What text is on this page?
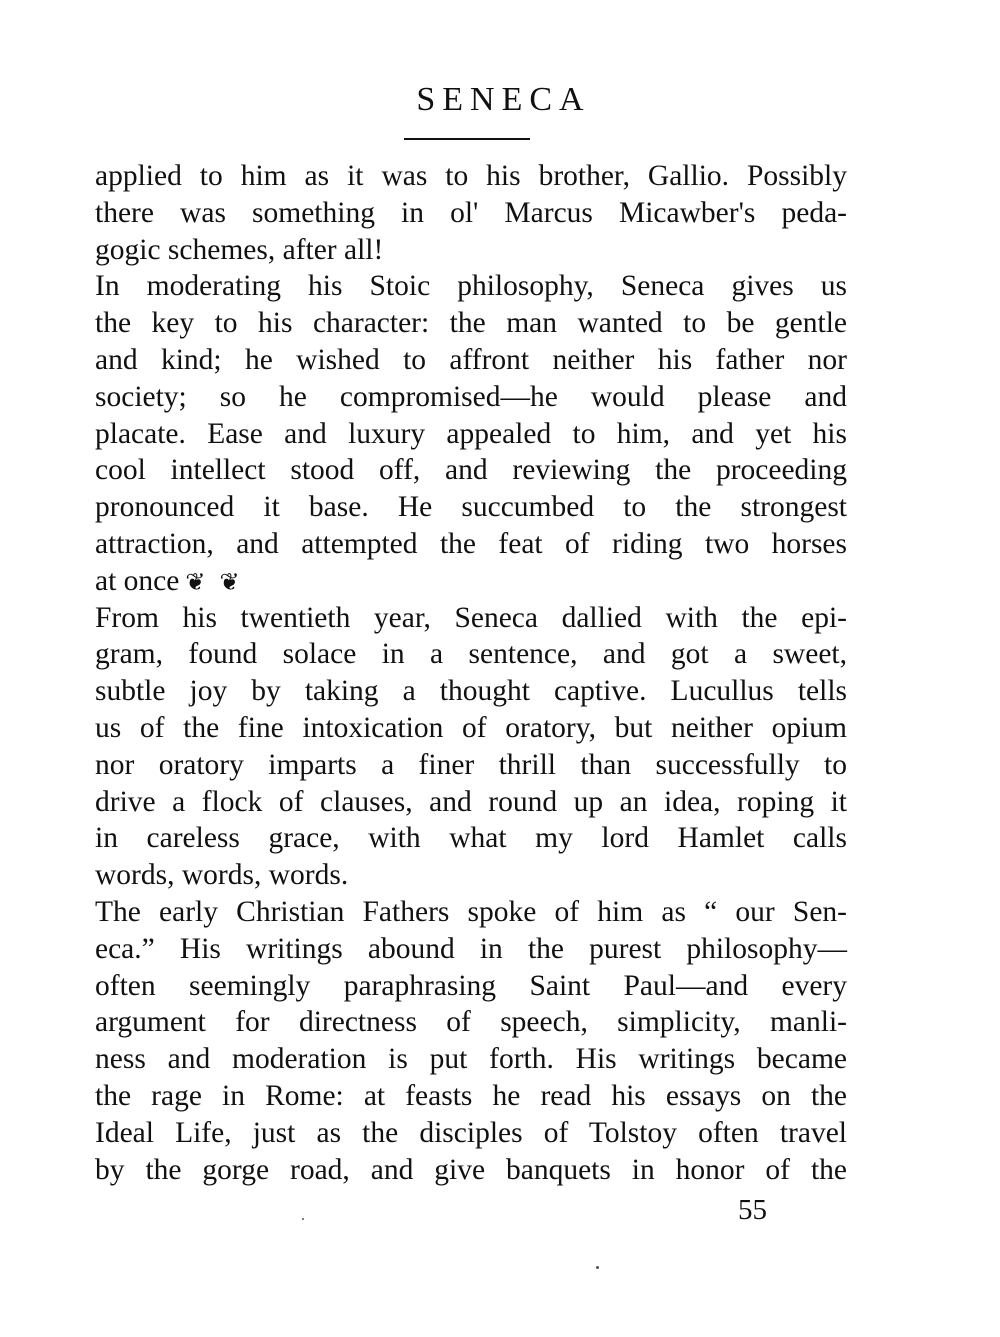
SENECA
applied to him as it was to his brother, Gallio. Possibly
there was something in ol' Marcus Micawber's peda-
gogic schemes, after all!
In moderating his Stoic philosophy, Seneca gives us
the key to his character: the man wanted to be gentle
and kind; he wished to affront neither his father nor
society; so he compromised—he would please and
placate. Ease and luxury appealed to him, and yet his
cool intellect stood off, and reviewing the proceeding
pronounced it base. He succumbed to the strongest
attraction, and attempted the feat of riding two horses
at once ❦ ❦
From his twentieth year, Seneca dallied with the epi-
gram, found solace in a sentence, and got a sweet,
subtle joy by taking a thought captive. Lucullus tells
us of the fine intoxication of oratory, but neither opium
nor oratory imparts a finer thrill than successfully to
drive a flock of clauses, and round up an idea, roping it
in careless grace, with what my lord Hamlet calls
words, words, words.
The early Christian Fathers spoke of him as “ our Sen-
eca.” His writings abound in the purest philosophy—
often seemingly paraphrasing Saint Paul—and every
argument for directness of speech, simplicity, manli-
ness and moderation is put forth. His writings became
the rage in Rome: at feasts he read his essays on the
Ideal Life, just as the disciples of Tolstoy often travel
by the gorge road, and give banquets in honor of the
55
